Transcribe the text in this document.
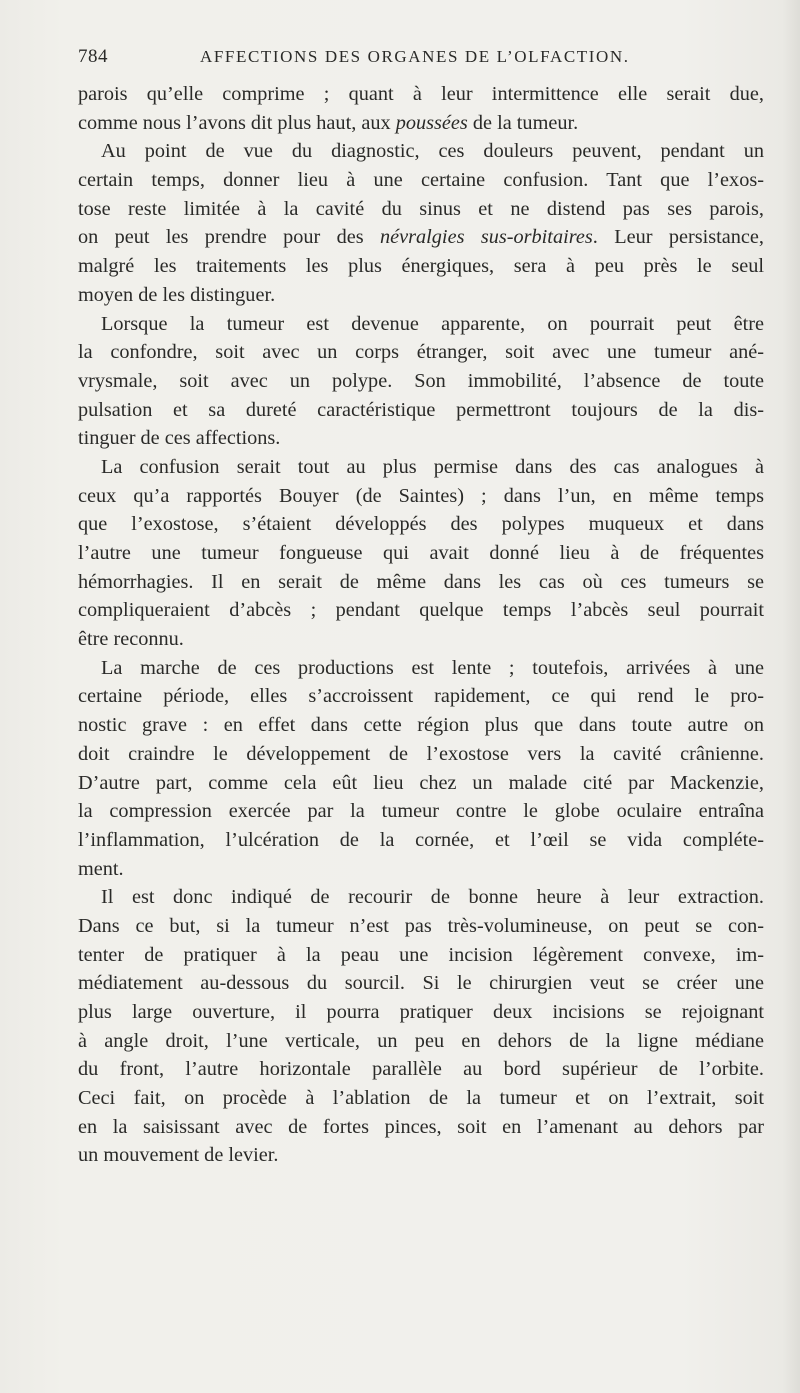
784	AFFECTIONS DES ORGANES DE L’OLFACTION.
parois qu’elle comprime ; quant à leur intermittence elle serait due,
comme nous l’avons dit plus haut, aux poussées de la tumeur.
Au point de vue du diagnostic, ces douleurs peuvent, pendant un
certain temps, donner lieu à une certaine confusion. Tant que l’exos-
tose reste limitée à la cavité du sinus et ne distend pas ses parois,
on peut les prendre pour des névralgies sus-orbitaires. Leur persistance,
malgré les traitements les plus énergiques, sera à peu près le seul
moyen de les distinguer.
Lorsque la tumeur est devenue apparente, on pourrait peut être
la confondre, soit avec un corps étranger, soit avec une tumeur ané-
vrysmale, soit avec un polype. Son immobilité, l’absence de toute
pulsation et sa dureté caractéristique permettront toujours de la dis-
tinguer de ces affections.
La confusion serait tout au plus permise dans des cas analogues à
ceux qu’a rapportés Bouyer (de Saintes) ; dans l’un, en même temps
que l’exostose, s’étaient développés des polypes muqueux et dans
l’autre une tumeur fongueuse qui avait donné lieu à de fréquentes
hémorrhagies. Il en serait de même dans les cas où ces tumeurs se
compliqueraient d’abcès ; pendant quelque temps l’abcès seul pourrait
être reconnu.
La marche de ces productions est lente ; toutefois, arrivées à une
certaine période, elles s’accroissent rapidement, ce qui rend le pro-
nostic grave : en effet dans cette région plus que dans toute autre on
doit craindre le développement de l’exostose vers la cavité crânienne.
D’autre part, comme cela eût lieu chez un malade cité par Mackenzie,
la compression exercée par la tumeur contre le globe oculaire entraîna
l’inflammation, l’ulcération de la cornée, et l’œil se vida compléte-
ment.
Il est donc indiqué de recourir de bonne heure à leur extraction.
Dans ce but, si la tumeur n’est pas très-volumineuse, on peut se con-
tenter de pratiquer à la peau une incision légèrement convexe, im-
médiatement au-dessous du sourcil. Si le chirurgien veut se créer une
plus large ouverture, il pourra pratiquer deux incisions se rejoignant
à angle droit, l’une verticale, un peu en dehors de la ligne médiane
du front, l’autre horizontale parallèle au bord supérieur de l’orbite.
Ceci fait, on procède à l’ablation de la tumeur et on l’extrait, soit
en la saisissant avec de fortes pinces, soit en l’amenant au dehors par
un mouvement de levier.
